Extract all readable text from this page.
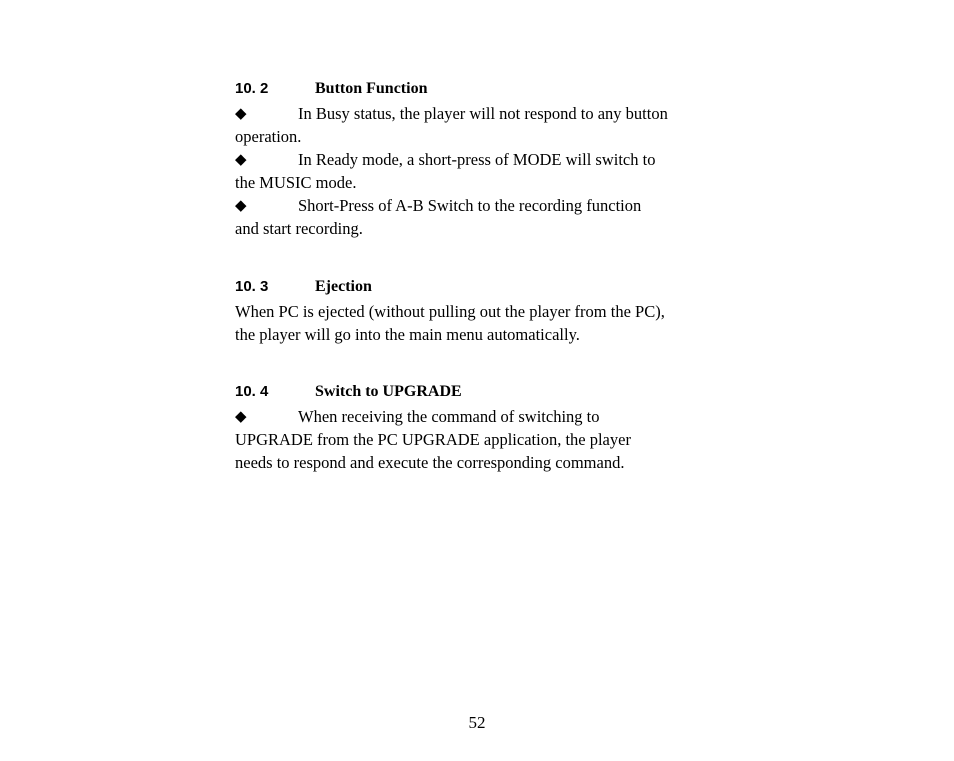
10. 2	Button Function
◆	In Busy status, the player will not respond to any button
operation.
◆	In Ready mode, a short-press of MODE will switch to
the MUSIC mode.
◆	Short-Press of A-B Switch to the recording function
and start recording.
10. 3	Ejection
When PC is ejected (without pulling out the player from the PC),
the player will go into the main menu automatically.
10. 4	Switch to UPGRADE
◆	When receiving the command of switching to
UPGRADE from the PC UPGRADE application, the player
needs to respond and execute the corresponding command.
52
